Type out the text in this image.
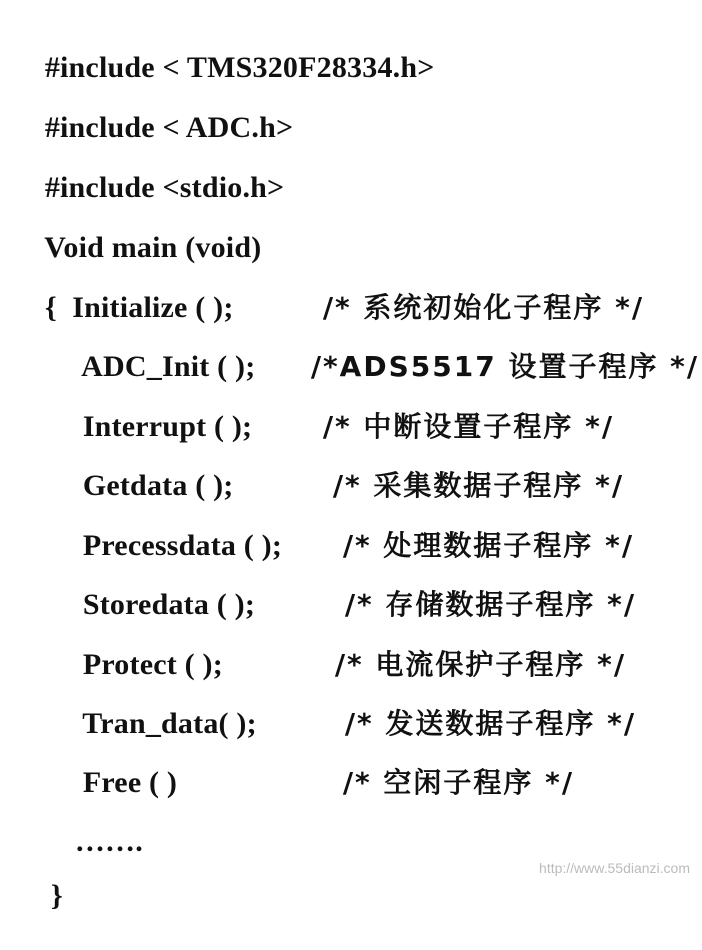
#include < TMS320F28334.h>

#include < ADC.h>

#include <stdio.h>

Void main (void)

{  Initialize ( );
	/* 系统初始化子程序 */

ADC_Init ( );
	/*ADS5517 设置子程序 */

Interrupt ( );
	/* 中断设置子程序 */

Getdata ( );
	/* 采集数据子程序 */

Precessdata ( );
	/* 处理数据子程序 */

Storedata ( );
	/* 存储数据子程序 */

Protect ( );
	/* 电流保护子程序 */

Tran_data( );
	/* 发送数据子程序 */

Free ( )
	/* 空闲子程序 */

…….

}

http://www.55dianzi.com
